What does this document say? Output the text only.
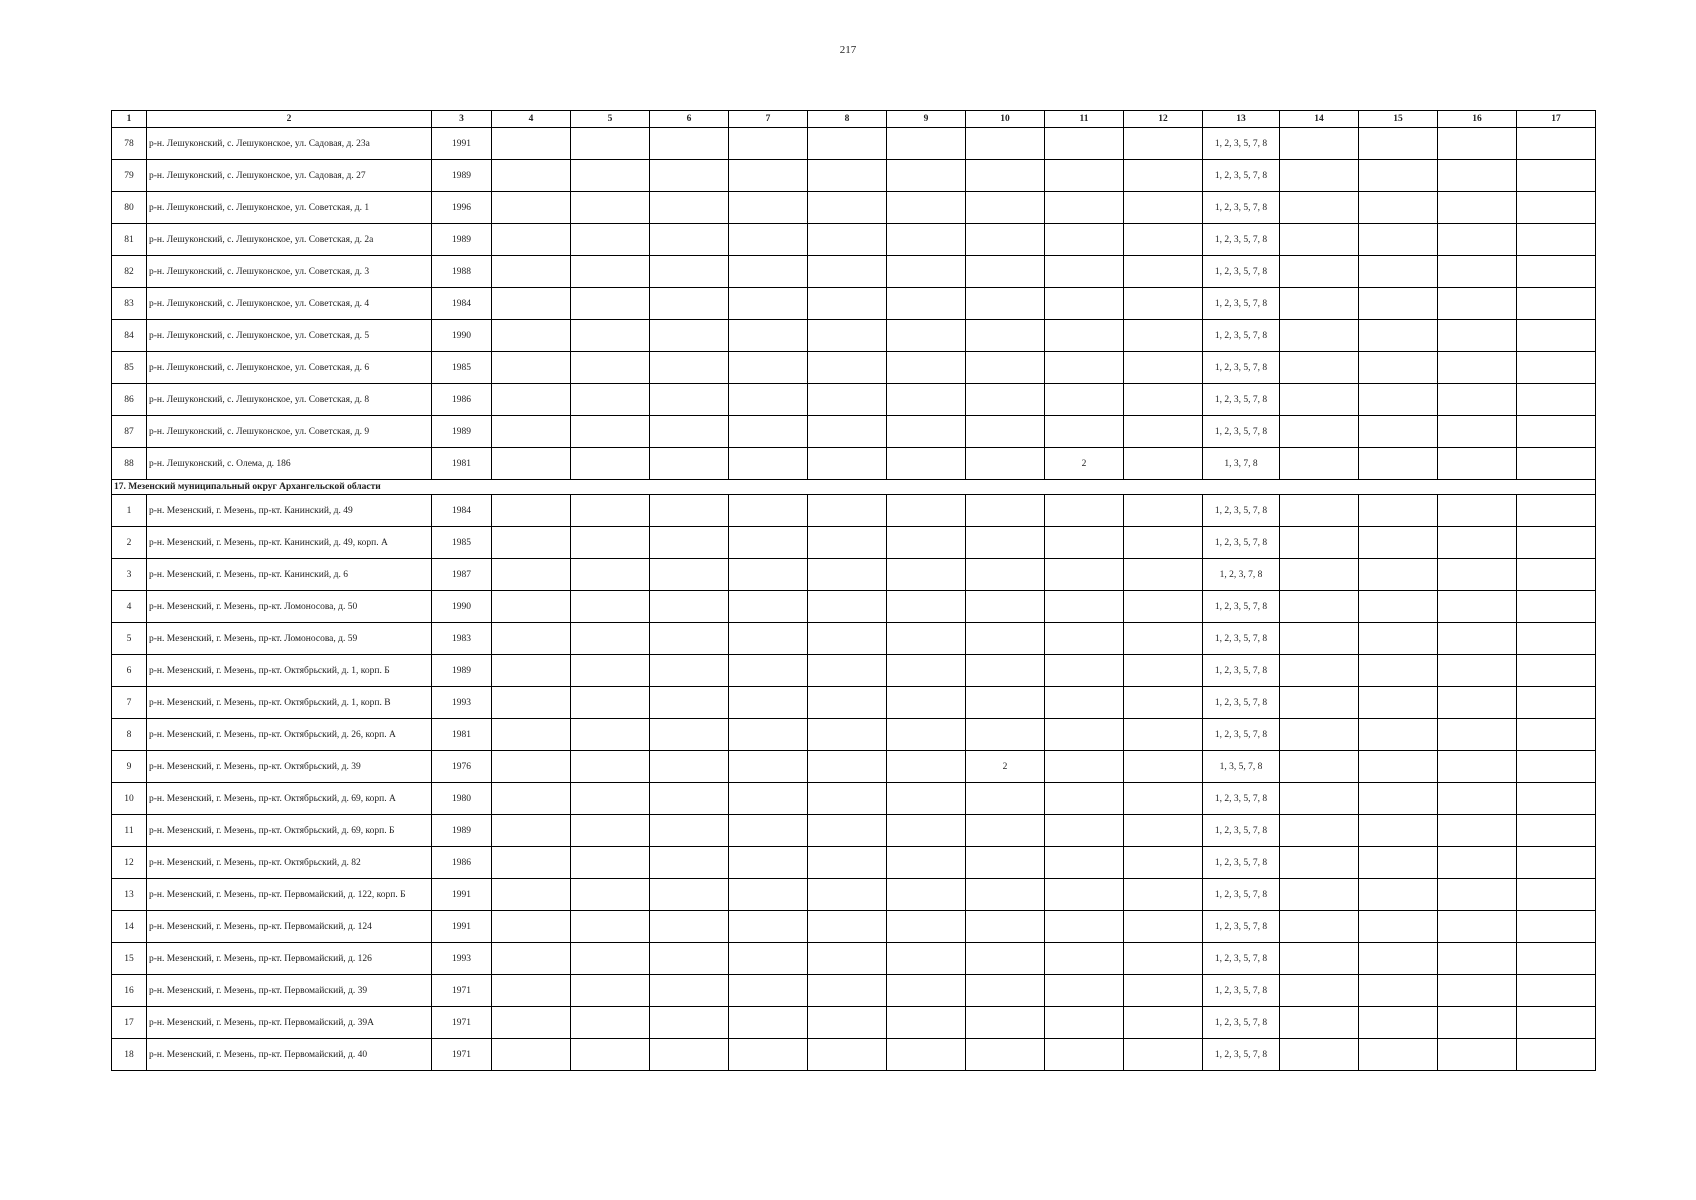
217
1	2	3	4	5	6	7	8	9	10	11	12	13	14	15	16	17
78	р-н. Лешуконский, с. Лешуконское, ул. Садовая, д. 23а	1991										1, 2, 3, 5, 7, 8				
79	р-н. Лешуконский, с. Лешуконское, ул. Садовая, д. 27	1989										1, 2, 3, 5, 7, 8				
80	р-н. Лешуконский, с. Лешуконское, ул. Советская, д. 1	1996										1, 2, 3, 5, 7, 8				
81	р-н. Лешуконский, с. Лешуконское, ул. Советская, д. 2а	1989										1, 2, 3, 5, 7, 8				
82	р-н. Лешуконский, с. Лешуконское, ул. Советская, д. 3	1988										1, 2, 3, 5, 7, 8				
83	р-н. Лешуконский, с. Лешуконское, ул. Советская, д. 4	1984										1, 2, 3, 5, 7, 8				
84	р-н. Лешуконский, с. Лешуконское, ул. Советская, д. 5	1990										1, 2, 3, 5, 7, 8				
85	р-н. Лешуконский, с. Лешуконское, ул. Советская, д. 6	1985										1, 2, 3, 5, 7, 8				
86	р-н. Лешуконский, с. Лешуконское, ул. Советская, д. 8	1986										1, 2, 3, 5, 7, 8				
87	р-н. Лешуконский, с. Лешуконское, ул. Советская, д. 9	1989										1, 2, 3, 5, 7, 8				
88	р-н. Лешуконский, с. Олема, д. 186	1981								2		1, 3, 7, 8				
17. Мезенский муниципальный округ Архангельской области																
1	р-н. Мезенский, г. Мезень, пр-кт. Канинский, д. 49	1984										1, 2, 3, 5, 7, 8				
2	р-н. Мезенский, г. Мезень, пр-кт. Канинский, д. 49, корп. А	1985										1, 2, 3, 5, 7, 8				
3	р-н. Мезенский, г. Мезень, пр-кт. Канинский, д. 6	1987										1, 2, 3, 7, 8				
4	р-н. Мезенский, г. Мезень, пр-кт. Ломоносова, д. 50	1990										1, 2, 3, 5, 7, 8				
5	р-н. Мезенский, г. Мезень, пр-кт. Ломоносова, д. 59	1983										1, 2, 3, 5, 7, 8				
6	р-н. Мезенский, г. Мезень, пр-кт. Октябрьский, д. 1, корп. Б	1989										1, 2, 3, 5, 7, 8				
7	р-н. Мезенский, г. Мезень, пр-кт. Октябрьский, д. 1, корп. В	1993										1, 2, 3, 5, 7, 8				
8	р-н. Мезенский, г. Мезень, пр-кт. Октябрьский, д. 26, корп. А	1981										1, 2, 3, 5, 7, 8				
9	р-н. Мезенский, г. Мезень, пр-кт. Октябрьский, д. 39	1976							2			1, 3, 5, 7, 8				
10	р-н. Мезенский, г. Мезень, пр-кт. Октябрьский, д. 69, корп. А	1980										1, 2, 3, 5, 7, 8				
11	р-н. Мезенский, г. Мезень, пр-кт. Октябрьский, д. 69, корп. Б	1989										1, 2, 3, 5, 7, 8				
12	р-н. Мезенский, г. Мезень, пр-кт. Октябрьский, д. 82	1986										1, 2, 3, 5, 7, 8				
13	р-н. Мезенский, г. Мезень, пр-кт. Первомайский, д. 122, корп. Б	1991										1, 2, 3, 5, 7, 8				
14	р-н. Мезенский, г. Мезень, пр-кт. Первомайский, д. 124	1991										1, 2, 3, 5, 7, 8				
15	р-н. Мезенский, г. Мезень, пр-кт. Первомайский, д. 126	1993										1, 2, 3, 5, 7, 8				
16	р-н. Мезенский, г. Мезень, пр-кт. Первомайский, д. 39	1971										1, 2, 3, 5, 7, 8				
17	р-н. Мезенский, г. Мезень, пр-кт. Первомайский, д. 39А	1971										1, 2, 3, 5, 7, 8				
18	р-н. Мезенский, г. Мезень, пр-кт. Первомайский, д. 40	1971										1, 2, 3, 5, 7, 8				
